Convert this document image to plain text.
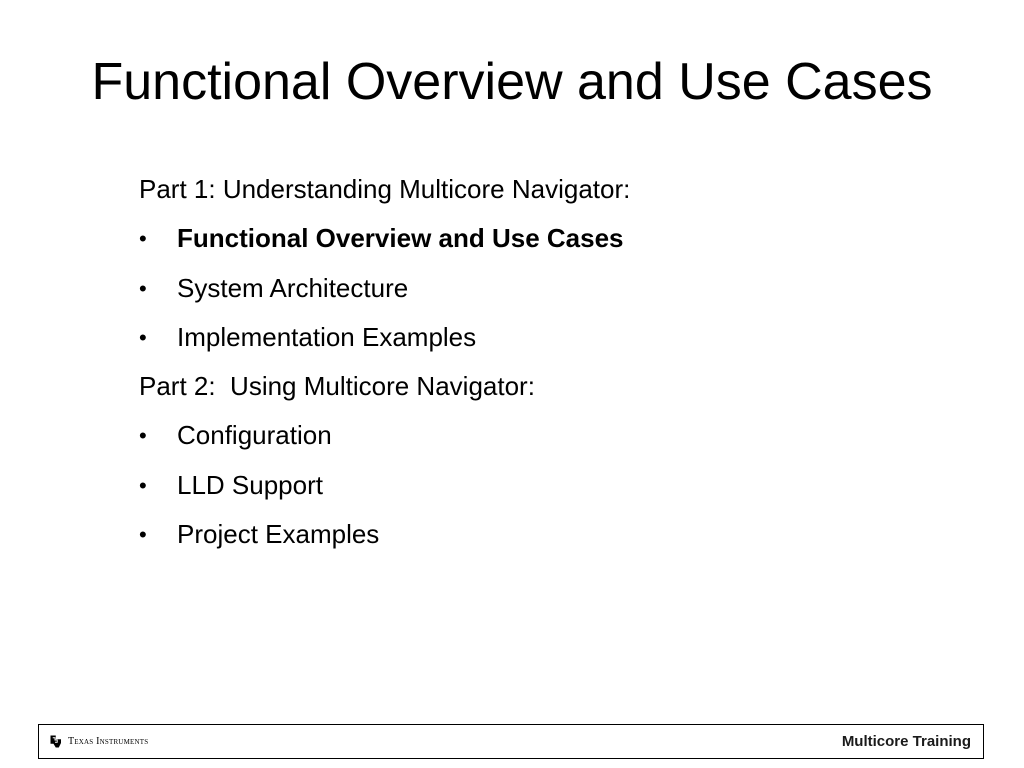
Functional Overview and Use Cases
Part 1: Understanding Multicore Navigator:
• Functional Overview and Use Cases
• System Architecture
• Implementation Examples
Part 2:  Using Multicore Navigator:
• Configuration
• LLD Support
• Project Examples
Texas Instruments	Multicore Training
